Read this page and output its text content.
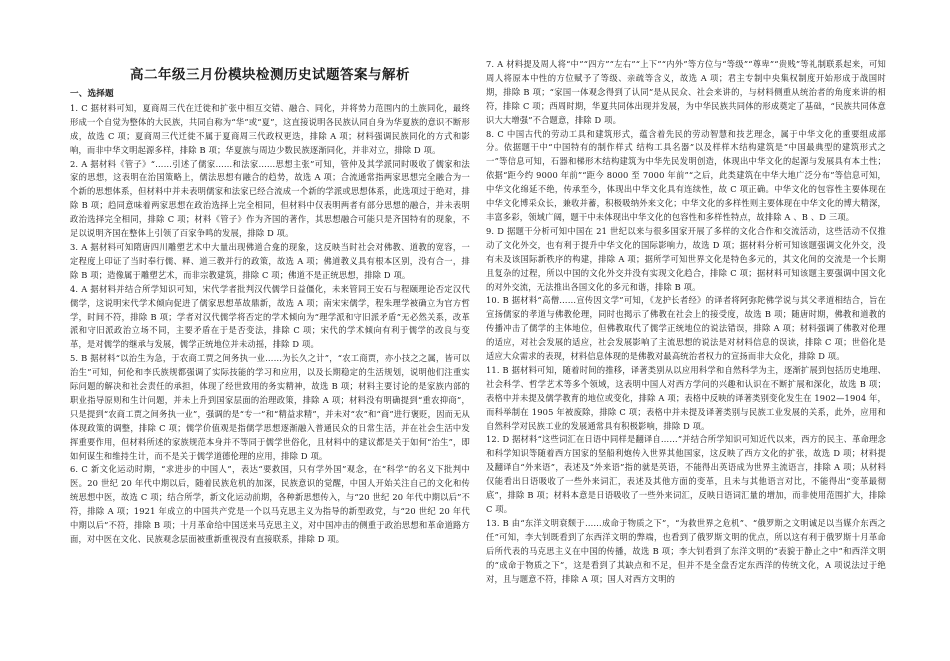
高二年级三月份模块检测历史试题答案与解析

一、选择题

1. C 据材料可知，夏商周三代在迁徙和扩张中相互交错、融合、同化，并将势力范围内的土族同化，最终形成一个自觉为整体的大民族，共同自称为“华”或“夏”，这直接说明各民族认同自身为华夏族的意识不断形成，故选 C 项；夏商周三代迁徙不属于夏商周三代政权更迭，排除 A 项；材料强调民族同化的方式和影响，而非中华文明起源多样，排除 B 项；华夏族与周边少数民族逐渐同化，并非对立，排除 D 项。

2. A 据材料《管子》“……引述了儒家……和法家……思想主张”可知，管仲及其学派同时吸收了儒家和法家的思想，这表明在治国策略上，儒法思想有融合的趋势，故选 A 项；合流通常指两家思想完全融合为一个新的思想体系，但材料中并未表明儒家和法家已经合流成一个新的学派或思想体系，此选项过于绝对，排除 B 项；趋同意味着两家思想在政治选择上完全相同，但材料中仅表明两者有部分思想的融合，并未表明政治选择完全相同，排除 C 项；材料《管子》作为齐国的著作，其思想融合可能只是齐国特有的现象，不足以说明齐国在整体上引领了百家争鸣的发展，排除 D 项。

3. A 据材料可知隋唐四川雕塑艺术中大量出现佛道合龛的现象，这反映当时社会对佛教、道教的宽容，一定程度上印证了当时奉行儒、释、道三教并行的政策，故选 A 项；佛道教义具有根本区别，没有合一，排除 B 项；造像属于雕塑艺术，而非宗教建筑，排除 C 项；佛道不是正统思想，排除 D 项。

4. A 据材料并结合所学知识可知，宋代学者批判汉代儒学日益僵化，未来管同王安石与程颐理论否定汉代儒学，这说明宋代学术倾向促进了儒家思想革故鼎新，故选 A 项；南宋宋儒学，程朱理学被确立为官方哲学，时间不符，排除 B 项；学者对汉代儒学将否定的学术倾向为“理学派和守旧派矛盾”无必然关系，改革派和守旧派政治立场不同，主要矛盾在于是否变法，排除 C 项；宋代的学术倾向有利于儒学的改良与变革，是对儒学的继承与发展，儒学正统地位并未动摇，排除 D 项。

5. B 据材料“以治生为急，于农商工贾之间务执一业……为长久之计”，“农工商贾，亦小技之之属，皆可以治生”可知，何伦和李氏族规都强调了实际技能的学习和应用，以及长期稳定的生活规划，说明他们注重实际问题的解决和社会责任的承担，体现了经世致用的务实精神，故选 B 项；材料主要讨论的是家族内部的职业指导原则和生计问题，并未上升到国家层面的治理政策，排除 A 项；材料没有明确提到“重农抑商”，只是提到“农商工贾之间务执一业”，强调的是“专一”和“精益求精”，并未对“农”和“商”进行褒贬，因而无从体现政策的调整，排除 C 项；儒学价值观是指儒学思想逐渐融入普通民众的日常生活，并在社会生活中发挥重要作用，但材料所述的家族规范本身并不等同于儒学世俗化，且材料中的建议都是关于如何“治生”，即如何谋生和维持生计，而不是关于儒学道德伦理的应用，排除 D 项。

6. C 新文化运动时期，“求进步的中国人”，表达“要救国，只有学外国”观念，在“科学”的名义下批判中医。20 世纪 20 年代中期以后，随着民族危机的加深，民族意识的觉醒，中国人开始关注自己的文化和传统思想中医，故选 C 项；结合所学，新文化运动前期，各种新思想传入，与“20 世纪 20 年代中期以后”不符，排除 A 项；1921 年成立的中国共产党是一个以马克思主义为指导的新型政党，与“20 世纪 20 年代中期以后”不符，排除 B 项；十月革命给中国送来马克思主义，对中国冲击的侧重于政治思想和革命道路方面，对中医在文化、民族观念层面被重新重视没有直接联系，排除 D 项。

7. A 材料提及周人将“中”“四方”“左右”“上下”“内外”等方位与“等级”“尊卑”“贵贱”等礼制联系起来，可知周人将原本中性的方位赋予了等级、亲疏等含义，故选 A 项；君主专制中央集权制度开始形成于战国时期，排除 B 项；“家国一体观念得到了认同”是从民众、社会来讲的，与材料侧重从统治者的角度来讲的相符，排除 C 项；西周时期，华夏共同体出现并发展，为中华民族共同体的形成奠定了基础，“民族共同体意识大大增强”不合题意，排除 D 项。

8. C 中国古代的劳动工具和建筑形式，蕴含着先民的劳动智慧和技艺理念，属于中华文化的重要组成部分。依据题干中“中国特有的制作样式 结构工具名器”以及样样木结构建筑是“中国最典型的建筑形式之一”等信息可知，石器和梯形木结构建筑为中华先民发明创造，体现出中华文化的起源与发展具有本土性；依据“距今约 9000 年前”“距今 8000 至 7000 年前”“之后，此类建筑在中华大地广泛分布”等信息可知，中华文化绵延不绝，传承至今，体现出中华文化具有连续性，故 C 项正确。中华文化的包容性主要体现在中华文化博采众长，兼收并蓄，积极吸纳外来文化；中华文化的多样性则主要体现在中华文化的博大精深，丰富多彩，领域广阔，题干中未体现出中华文化的包容性和多样性特点，故排除 A 、B 、D 三项。

9. D 据题干分析可知中国在 21 世纪以来与很多国家开展了多样的文化合作和交流活动，这些活动不仅推动了文化外交，也有利于提升中华文化的国际影响力，故选 D 项；据材料分析可知该题强调文化外交，没有未及该国际新秩序的构建，排除 A 项；据所学可知世界文化是特色多元的，其文化间的交流是一个长期且复杂的过程，所以中国的文化外交并没有实现文化趋合，排除 C 项；据材料可知该题主要强调中国文化的对外交流，无法推出各国文化的多元和谐，排除 B 项。

10. B 据材料“高僧……宣传因文学”可知，《龙护长者经》的译者将阿弥陀佛学说与其父孝道相结合，旨在宣扬儒家的孝道与佛教伦理，同时也揭示了佛教在社会上的接受度，故选 B 项；随唐时期，佛教和道教的传播冲击了儒学的主体地位，但佛教取代了儒学正统地位的说法错误，排除 A 项；材料强调了佛教对伦理的适应，对社会发展的适应，社会发展影响了主流思想的说法是对材料信息的误读，排除 C 项；世俗化是适应大众需求的表现，材料信息体现的是佛教对最高统治者权力的宣扬而非大众化，排除 D 项。

11. B 据材料可知，随着时间的推移，译著类别从以应用科学和自然科学为主，逐渐扩展到包括历史地理、社会科学、哲学艺术等多个领域，这表明中国人对西方学问的兴趣和认识在不断扩展和深化，故选 B 项；表格中并未提及儒学教育的地位或变化，排除 A 项；表格中反映的译著类别变化发生在 1902—1904 年，而科举制在 1905 年被废除，排除 C 项；表格中并未提及译著类别与民族工业发展的关系，此外，应用和自然科学对民族工业的发展通常具有积极影响，排除 D 项。

12. D 据材料“这些词汇在日语中同样是翻译自……”并结合所学知识可知近代以来，西方的民主、革命理念和科学知识等随着西方国家的坚船利炮传入世界其他国家，这反映了西方文化的扩张，故选 D 项；材料提及翻译自“外来语”，表述及“外来语”指的就是英语，不能得出英语成为世界主流语言，排除 A 项；从材料仅能看出日语吸收了一些外来词汇，表述及其他方面的变革，且未与其他语言对比，不能得出“变革最彻底”，排除 B 项；材料本意是日语吸收了一些外来词汇，反映日语词汇量的增加，而非使用范围扩大，排除 C 项。

13. B 由“东洋文明衰颓于……成命于物质之下”，“为救世界之危机”、“俄罗斯之文明诚足以当媒介东西之任”可知，李大钊既看到了东西洋文明的弊端，也看到了俄罗斯文明的优点，所以这有利于俄罗斯十月革命后所代表的马克思主义在中国的传播，故选 B 项；李大钊看到了东洋文明的“表貌于静止之中”和西洋文明的“成命于物质之下”，这是看到了其缺点和不足，但并不是全盘否定东西洋的传统文化，A 项说法过于绝对，且与题意不符，排除 A 项；国人对西方文明的
